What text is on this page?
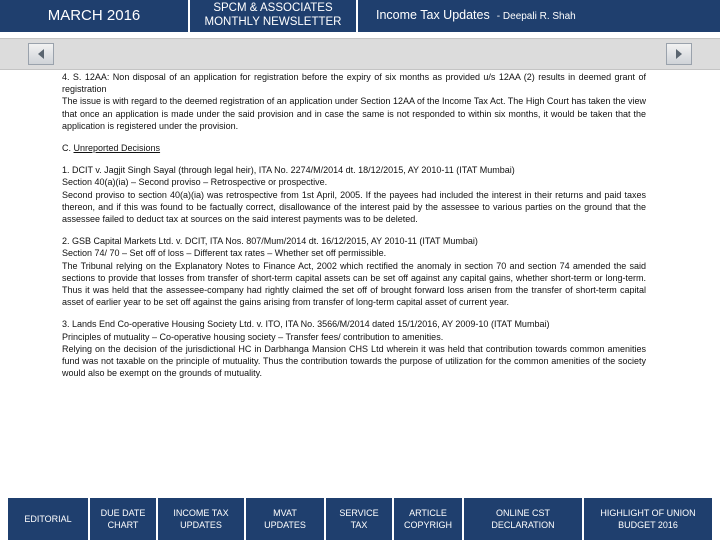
MARCH 2016	SPCM & ASSOCIATES
MONTHLY NEWSLETTER	Income Tax Updates - Deepali R. Shah

4. S. 12AA: Non disposal of an application for registration before the expiry of six months as provided u/s 12AA (2) results in deemed grant of registration

The issue is with regard to the deemed registration of an application under Section 12AA of the Income Tax Act. The High Court has taken the view that once an application is made under the said provision and in case the same is not responded to within six months, it would be taken that the application is registered under the provision.

C. Unreported Decisions

1. DCIT v. Jagjit Singh Sayal (through legal heir), ITA No. 2274/M/2014 dt. 18/12/2015, AY 2010-11 (ITAT Mumbai)

Section 40(a)(ia) – Second proviso – Retrospective or prospective.

Second proviso to section 40(a)(ia) was retrospective from 1st April, 2005. If the payees had included the interest in their returns and paid taxes thereon, and if this was found to be factually correct, disallowance of the interest paid by the assessee to various parties on the ground that the assessee failed to deduct tax at sources on the said interest payments was to be deleted.

2. GSB Capital Markets Ltd. v. DCIT, ITA Nos. 807/Mum/2014 dt. 16/12/2015, AY 2010-11 (ITAT Mumbai)

Section 74/ 70 – Set off of loss – Different tax rates – Whether set off permissible.

The Tribunal relying on the Explanatory Notes to Finance Act, 2002 which rectified the anomaly in section 70 and section 74 amended the said sections to provide that losses from transfer of short-term capital assets can be set off against any capital gains, whether short-term or long-term. Thus it was held that the assessee-company had rightly claimed the set off of brought forward loss arisen from the transfer of short-term capital asset of earlier year to be set off against the gains arising from transfer of long-term capital asset of current year.

3. Lands End Co-operative Housing Society Ltd. v. ITO, ITA No. 3566/M/2014 dated 15/1/2016, AY 2009-10 (ITAT Mumbai)

Principles of mutuality – Co-operative housing society – Transfer fees/ contribution to amenities.

Relying on the decision of the jurisdictional HC in Darbhanga Mansion CHS Ltd wherein it was held that contribution towards common amenities fund was not taxable on the principle of mutuality. Thus the contribution towards the purpose of utilization for the common amenities of the society would also be exempt on the grounds of mutuality.

EDITORIAL
DUE DATE
CHART
INCOME TAX
UPDATES
MVAT
UPDATES
SERVICE
TAX
ARTICLE
COPYRIGH
ONLINE CST
DECLARATION
HIGHLIGHT OF UNION
BUDGET 2016
